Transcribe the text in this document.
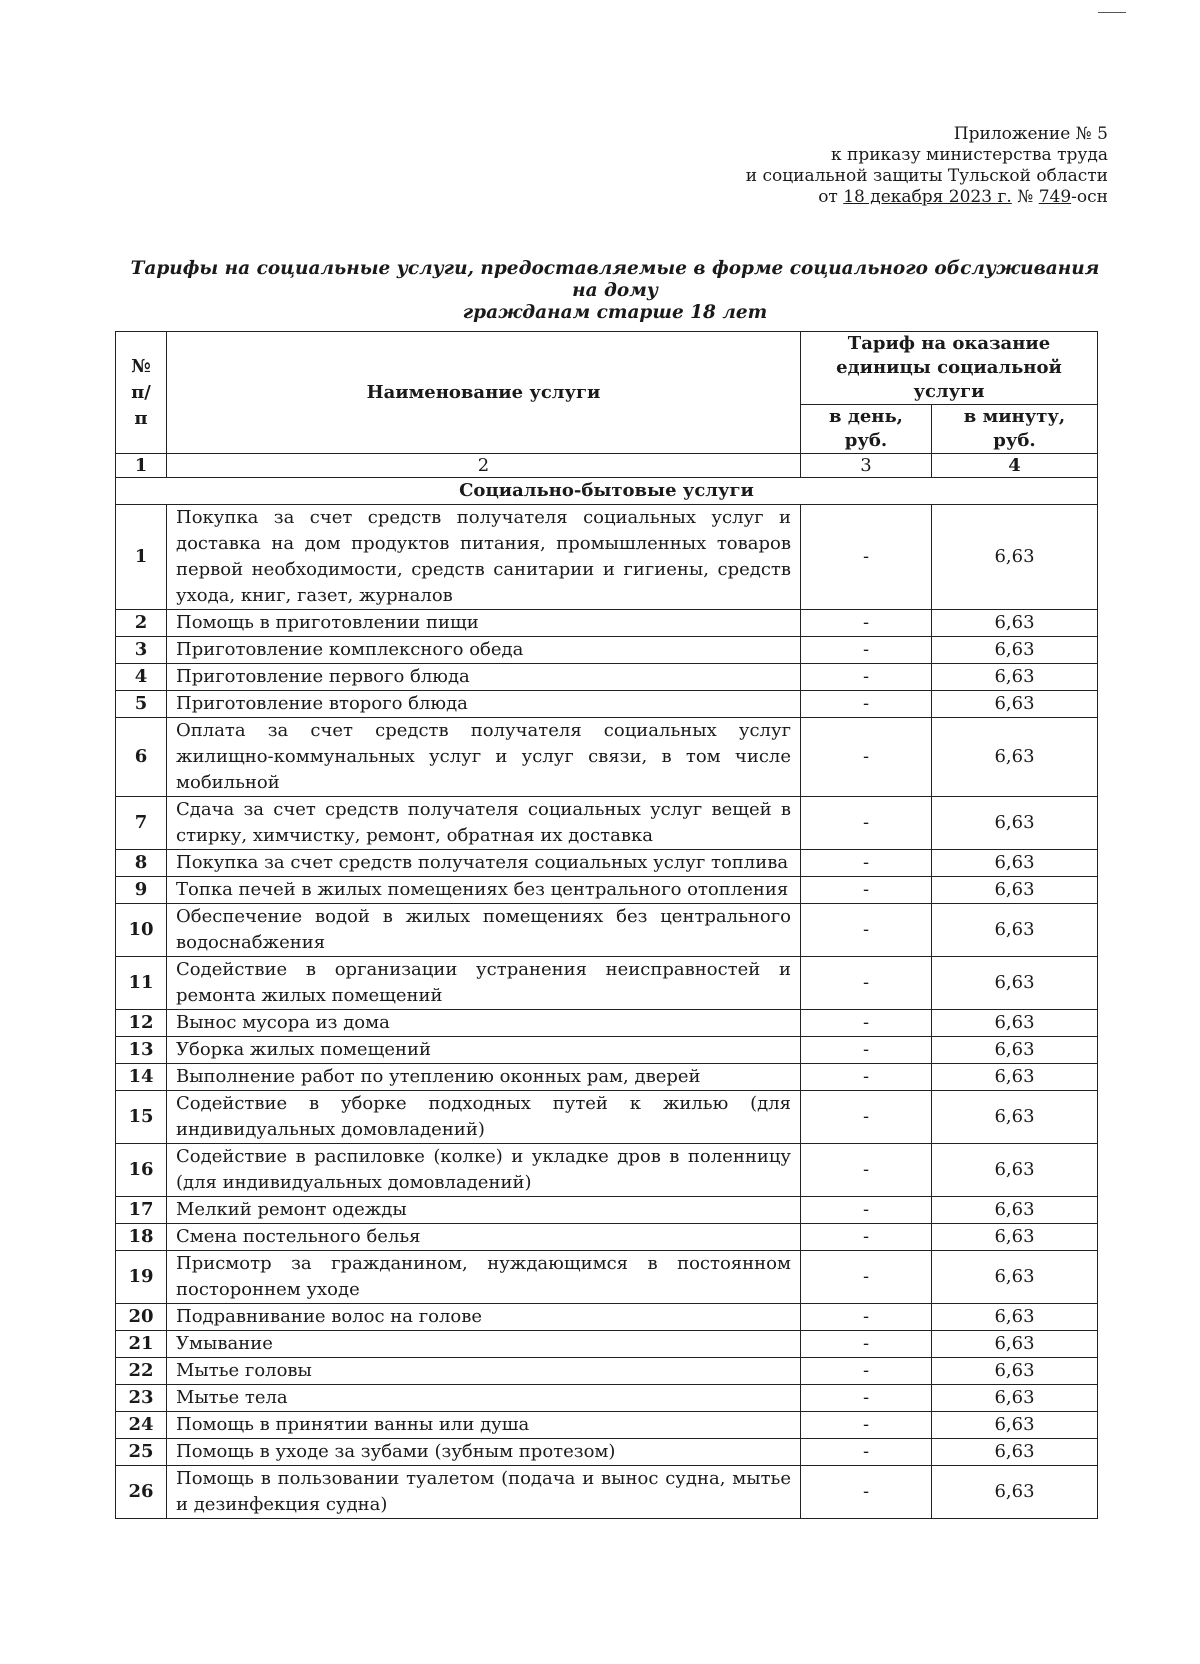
Приложение № 5
к приказу министерства труда
и социальной защиты Тульской области
от 18 декабря 2023 г. № 749-осн
Тарифы на социальные услуги, предоставляемые в форме социального обслуживания на дому
гражданам старше 18 лет
№ п/п	Наименование услуги	Тариф на оказание единицы социальной услуги	
		в день, руб.	в минуту, руб.
1	2	3	4
Социально-бытовые услуги			
1	Покупка за счет средств получателя социальных услуг и доставка на дом продуктов питания, промышленных товаров первой необходимости, средств санитарии и гигиены, средств ухода, книг, газет, журналов	-	6,63
2	Помощь в приготовлении пищи	-	6,63
3	Приготовление комплексного обеда	-	6,63
4	Приготовление первого блюда	-	6,63
5	Приготовление второго блюда	-	6,63
6	Оплата за счет средств получателя социальных услуг жилищно-коммунальных услуг и услуг связи, в том числе мобильной	-	6,63
7	Сдача за счет средств получателя социальных услуг вещей в стирку, химчистку, ремонт, обратная их доставка	-	6,63
8	Покупка за счет средств получателя социальных услуг топлива	-	6,63
9	Топка печей в жилых помещениях без центрального отопления	-	6,63
10	Обеспечение водой в жилых помещениях без центрального водоснабжения	-	6,63
11	Содействие в организации устранения неисправностей и ремонта жилых помещений	-	6,63
12	Вынос мусора из дома	-	6,63
13	Уборка жилых помещений	-	6,63
14	Выполнение работ по утеплению оконных рам, дверей	-	6,63
15	Содействие в уборке подходных путей к жилью (для индивидуальных домовладений)	-	6,63
16	Содействие в распиловке (колке) и укладке дров в поленницу (для индивидуальных домовладений)	-	6,63
17	Мелкий ремонт одежды	-	6,63
18	Смена постельного белья	-	6,63
19	Присмотр за гражданином, нуждающимся в постоянном постороннем уходе	-	6,63
20	Подравнивание волос на голове	-	6,63
21	Умывание	-	6,63
22	Мытье головы	-	6,63
23	Мытье тела	-	6,63
24	Помощь в принятии ванны или душа	-	6,63
25	Помощь в уходе за зубами (зубным протезом)	-	6,63
26	Помощь в пользовании туалетом (подача и вынос судна, мытье и дезинфекция судна)	-	6,63
